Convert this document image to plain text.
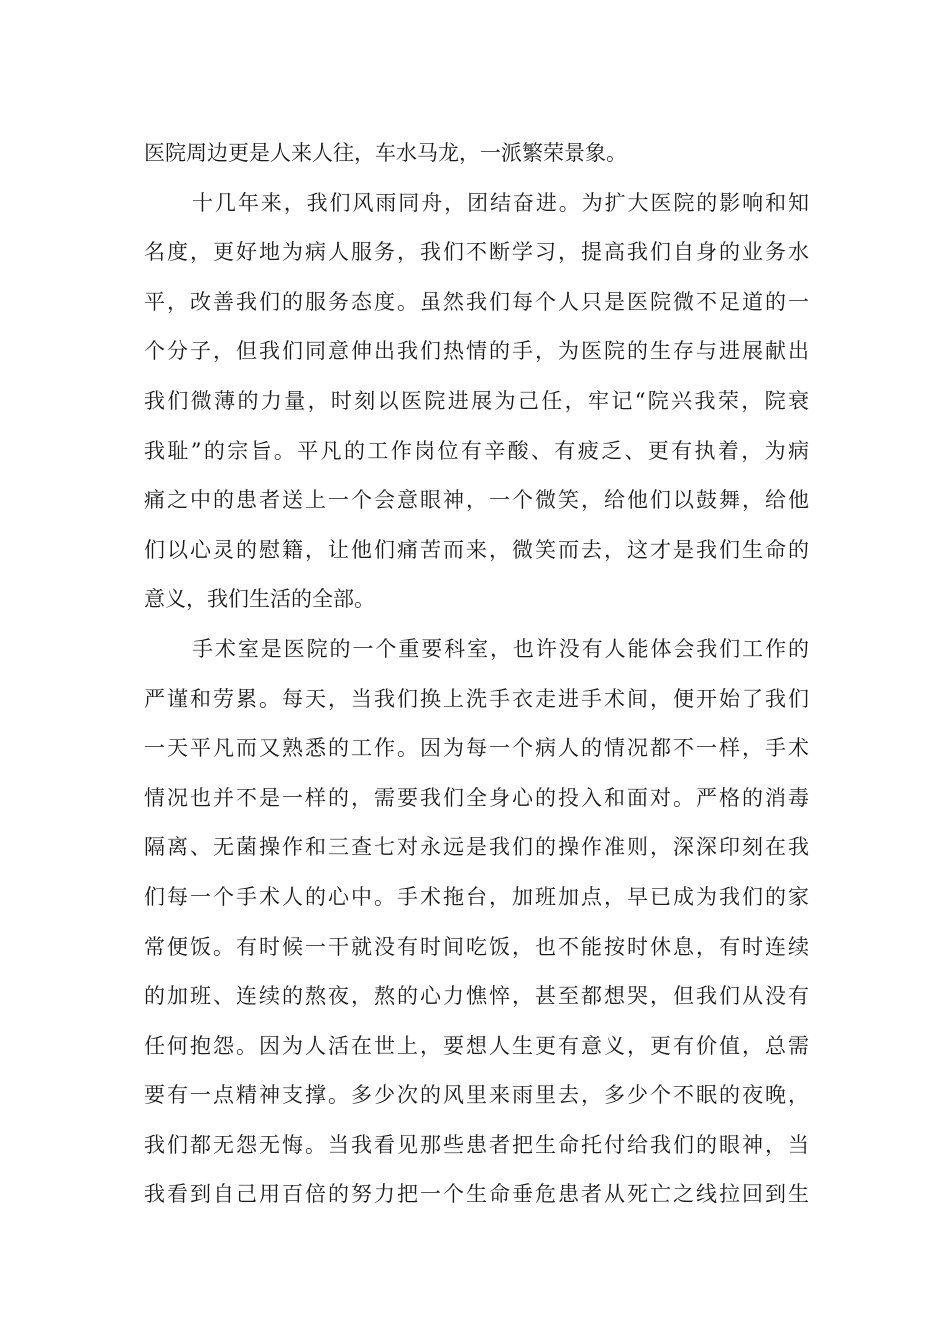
医院周边更是人来人往，车水马龙，一派繁荣景象。
十几年来，我们风雨同舟，团结奋进。为扩大医院的影响和知
名度，更好地为病人服务，我们不断学习，提高我们自身的业务水
平，改善我们的服务态度。虽然我们每个人只是医院微不足道的一
个分子，但我们同意伸出我们热情的手，为医院的生存与进展献出
我们微薄的力量，时刻以医院进展为己任，牢记“院兴我荣，院衰
我耻”的宗旨。平凡的工作岗位有辛酸、有疲乏、更有执着，为病
痛之中的患者送上一个会意眼神，一个微笑，给他们以鼓舞，给他
们以心灵的慰籍，让他们痛苦而来，微笑而去，这才是我们生命的
意义，我们生活的全部。
手术室是医院的一个重要科室，也许没有人能体会我们工作的
严谨和劳累。每天，当我们换上洗手衣走进手术间，便开始了我们
一天平凡而又熟悉的工作。因为每一个病人的情况都不一样，手术
情况也并不是一样的，需要我们全身心的投入和面对。严格的消毒
隔离、无菌操作和三查七对永远是我们的操作准则，深深印刻在我
们每一个手术人的心中。手术拖台，加班加点，早已成为我们的家
常便饭。有时候一干就没有时间吃饭，也不能按时休息，有时连续
的加班、连续的熬夜，熬的心力憔悴，甚至都想哭，但我们从没有
任何抱怨。因为人活在世上，要想人生更有意义，更有价值，总需
要有一点精神支撑。多少次的风里来雨里去，多少个不眠的夜晚，
我们都无怨无悔。当我看见那些患者把生命托付给我们的眼神，当
我看到自己用百倍的努力把一个生命垂危患者从死亡之线拉回到生
